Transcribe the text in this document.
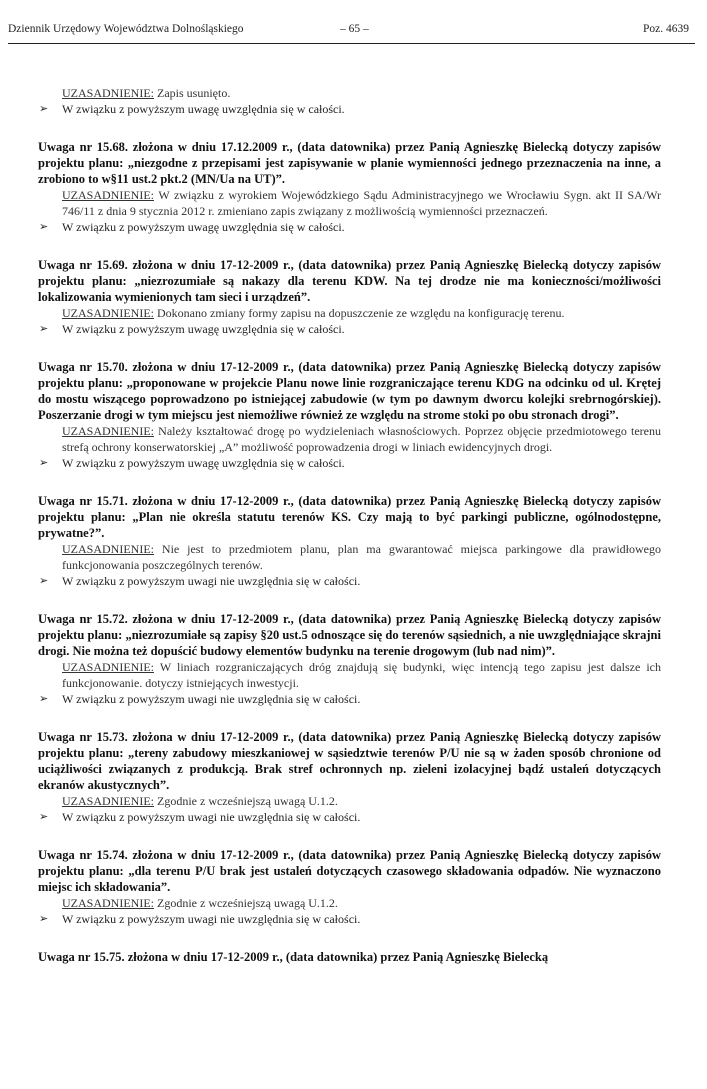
Dziennik Urzędowy Województwa Dolnośląskiego	– 65 –	Poz. 4639
UZASADNIENIE: Zapis usunięto.
➢ W związku z powyższym uwagę uwzględnia się w całości.
Uwaga nr 15.68. złożona w dniu 17.12.2009 r., (data datownika) przez Panią Agnieszkę Bielecką dotyczy zapisów projektu planu: „niezgodne z przepisami jest zapisywanie w planie wymienności jednego przeznaczenia na inne, a zrobiono to w§11 ust.2 pkt.2 (MN/Ua na UT)”.
UZASADNIENIE: W związku z wyrokiem Wojewódzkiego Sądu Administracyjnego we Wrocławiu Sygn. akt II SA/Wr 746/11 z dnia 9 stycznia 2012 r. zmieniano zapis związany z możliwością wymienności przeznaczeń.
➢ W związku z powyższym uwagę uwzględnia się w całości.
Uwaga nr 15.69. złożona w dniu 17-12-2009 r., (data datownika) przez Panią Agnieszkę Bielecką dotyczy zapisów projektu planu: „niezrozumiałe są nakazy dla terenu KDW. Na tej drodze nie ma konieczności/możliwości lokalizowania wymienionych tam sieci i urządzeń”.
UZASADNIENIE: Dokonano zmiany formy zapisu na dopuszczenie ze względu na konfigurację terenu.
➢ W związku z powyższym uwagę uwzględnia się w całości.
Uwaga nr 15.70. złożona w dniu 17-12-2009 r., (data datownika) przez Panią Agnieszkę Bielecką dotyczy zapisów projektu planu: „proponowane w projekcie Planu nowe linie rozgraniczające terenu KDG na odcinku od ul. Krętej do mostu wiszącego poprowadzono po istniejącej zabudowie (w tym po dawnym dworcu kolejki srebrnogórskiej). Poszerzanie drogi w tym miejscu jest niemożliwe również ze względu na strome stoki po obu stronach drogi”.
UZASADNIENIE: Należy kształtować drogę po wydzieleniach własnościowych. Poprzez objęcie przedmiotowego terenu strefą ochrony konserwatorskiej „A” możliwość poprowadzenia drogi w liniach ewidencyjnych drogi.
➢ W związku z powyższym uwagę uwzględnia się w całości.
Uwaga nr 15.71. złożona w dniu 17-12-2009 r., (data datownika) przez Panią Agnieszkę Bielecką dotyczy zapisów projektu planu: „Plan nie określa statutu terenów KS. Czy mają to być parkingi publiczne, ogólnodostępne, prywatne?”.
UZASADNIENIE: Nie jest to przedmiotem planu, plan ma gwarantować miejsca parkingowe dla prawidłowego funkcjonowania poszczególnych terenów.
➢ W związku z powyższym uwagi nie uwzględnia się w całości.
Uwaga nr 15.72. złożona w dniu 17-12-2009 r., (data datownika) przez Panią Agnieszkę Bielecką dotyczy zapisów projektu planu: „niezrozumiałe są zapisy §20 ust.5 odnoszące się do terenów sąsiednich, a nie uwzględniające skrajni drogi. Nie można też dopuścić budowy elementów budynku na terenie drogowym (lub nad nim)”.
UZASADNIENIE: W liniach rozgraniczających dróg znajdują się budynki, więc intencją tego zapisu jest dalsze ich funkcjonowanie. dotyczy istniejących inwestycji.
➢ W związku z powyższym uwagi nie uwzględnia się w całości.
Uwaga nr 15.73. złożona w dniu 17-12-2009 r., (data datownika) przez Panią Agnieszkę Bielecką dotyczy zapisów projektu planu: „tereny zabudowy mieszkaniowej w sąsiedztwie terenów P/U nie są w żaden sposób chronione od uciążliwości związanych z produkcją. Brak stref ochronnych np. zieleni izolacyjnej bądź ustaleń dotyczących ekranów akustycznych”.
UZASADNIENIE: Zgodnie z wcześniejszą uwagą U.1.2.
➢ W związku z powyższym uwagi nie uwzględnia się w całości.
Uwaga nr 15.74. złożona w dniu 17-12-2009 r., (data datownika) przez Panią Agnieszkę Bielecką dotyczy zapisów projektu planu: „dla terenu P/U brak jest ustaleń dotyczących czasowego składowania odpadów. Nie wyznaczono miejsc ich składowania”.
UZASADNIENIE: Zgodnie z wcześniejszą uwagą U.1.2.
➢ W związku z powyższym uwagi nie uwzględnia się w całości.
Uwaga nr 15.75. złożona w dniu 17-12-2009 r., (data datownika) przez Panią Agnieszkę Bielecką
